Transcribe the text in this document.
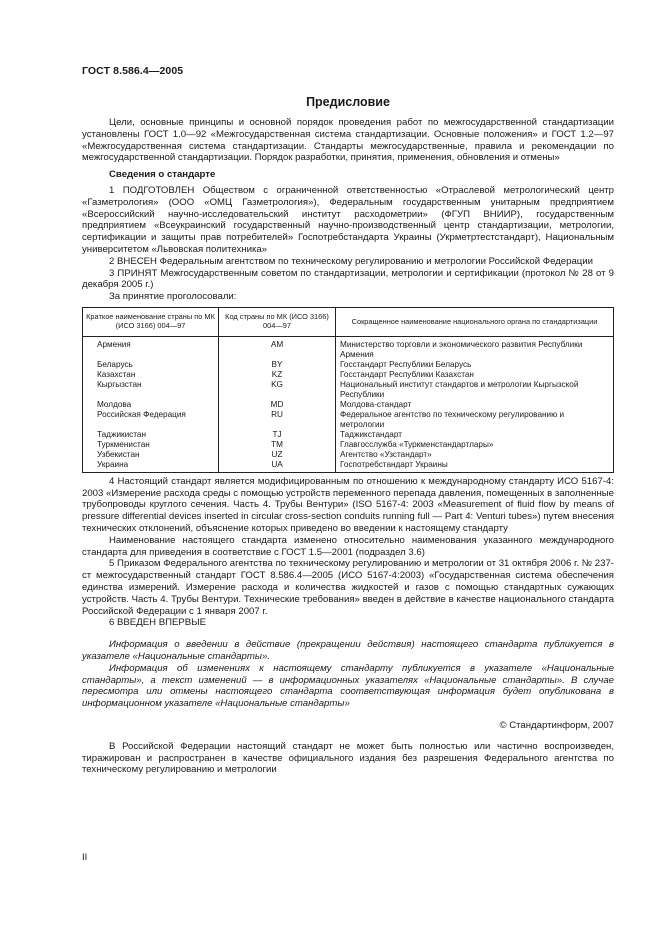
ГОСТ 8.586.4—2005
Предисловие

Цели, основные принципы и основной порядок проведения работ по межгосударственной стандартизации установлены ГОСТ 1.0—92 «Межгосударственная система стандартизации. Основные положения» и ГОСТ 1.2—97 «Межгосударственная система стандартизации. Стандарты межгосударственные, правила и рекомендации по межгосударственной стандартизации. Порядок разработки, принятия, применения, обновления и отмены»

Сведения о стандарте

1 ПОДГОТОВЛЕН Обществом с ограниченной ответственностью «Отраслевой метрологический центр «Газметрология» (ООО «ОМЦ Газметрология»), Федеральным государственным унитарным предприятием «Всероссийский научно-исследовательский институт расходометрии» (ФГУП ВНИИР), государственным предприятием «Всеукраинский государственный научно-производственный центр стандартизации, метрологии, сертификации и защиты прав потребителей» Госпотребстандарта Украины (Укрметртестстандарт), Национальным университетом «Львовская политехника»

2 ВНЕСЕН Федеральным агентством по техническому регулированию и метрологии Российской Федерации

3 ПРИНЯТ Межгосударственным советом по стандартизации, метрологии и сертификации (протокол № 28 от 9 декабря 2005 г.)

За принятие проголосовали:

Краткое наименование страны по МК (ИСО 3166) 004—97	Код страны по МК (ИСО 3166) 004—97	Сокращенное наименование национального органа по стандартизации
Армения	AM	Министерство торговли и экономического развития Республики Армения
Беларусь	BY	Госстандарт Республики Беларусь
Казахстан	KZ	Госстандарт Республики Казахстан
Кыргызстан	KG	Национальный институт стандартов и метрологии Кыргызской Республики
Молдова	MD	Молдова-стандарт
Российская Федерация	RU	Федеральное агентство по техническому регулированию и метрологии
Таджикистан	TJ	Таджикстандарт
Туркменистан	TM	Главгосслужба «Туркменстандартлары»
Узбекистан	UZ	Агентство «Узстандарт»
Украина	UA	Госпотребстандарт Украины

4 Настоящий стандарт является модифицированным по отношению к международному стандарту ИСО 5167-4: 2003 «Измерение расхода среды с помощью устройств переменного перепада давления, помещенных в заполненные трубопроводы круглого сечения. Часть 4. Трубы Вентури» (ISO 5167-4: 2003 «Measurement of fluid flow by means of pressure differential devices inserted in circular cross-section conduits running full — Part 4: Venturi tubes») путем внесения технических отклонений, объяснение которых приведено во введении к настоящему стандарту

Наименование настоящего стандарта изменено относительно наименования указанного международного стандарта для приведения в соответствие с ГОСТ 1.5—2001 (подраздел 3.6)

5 Приказом Федерального агентства по техническому регулированию и метрологии от 31 октября 2006 г. № 237-ст межгосударственный стандарт ГОСТ 8.586.4—2005 (ИСО 5167-4:2003) «Государственная система обеспечения единства измерений. Измерение расхода и количества жидкостей и газов с помощью стандартных сужающих устройств. Часть 4. Трубы Вентури. Технические требования» введен в действие в качестве национального стандарта Российской Федерации с 1 января 2007 г.

6 ВВЕДЕН ВПЕРВЫЕ

Информация о введении в действие (прекращении действия) настоящего стандарта публикуется в указателе «Национальные стандарты».

Информация об изменениях к настоящему стандарту публикуется в указателе «Национальные стандарты», а текст изменений — в информационных указателях «Национальные стандарты». В случае пересмотра или отмены настоящего стандарта соответствующая информация будет опубликована в информационном указателе «Национальные стандарты»

© Стандартинформ, 2007

В Российской Федерации настоящий стандарт не может быть полностью или частично воспроизведен, тиражирован и распространен в качестве официального издания без разрешения Федерального агентства по техническому регулированию и метрологии

II
